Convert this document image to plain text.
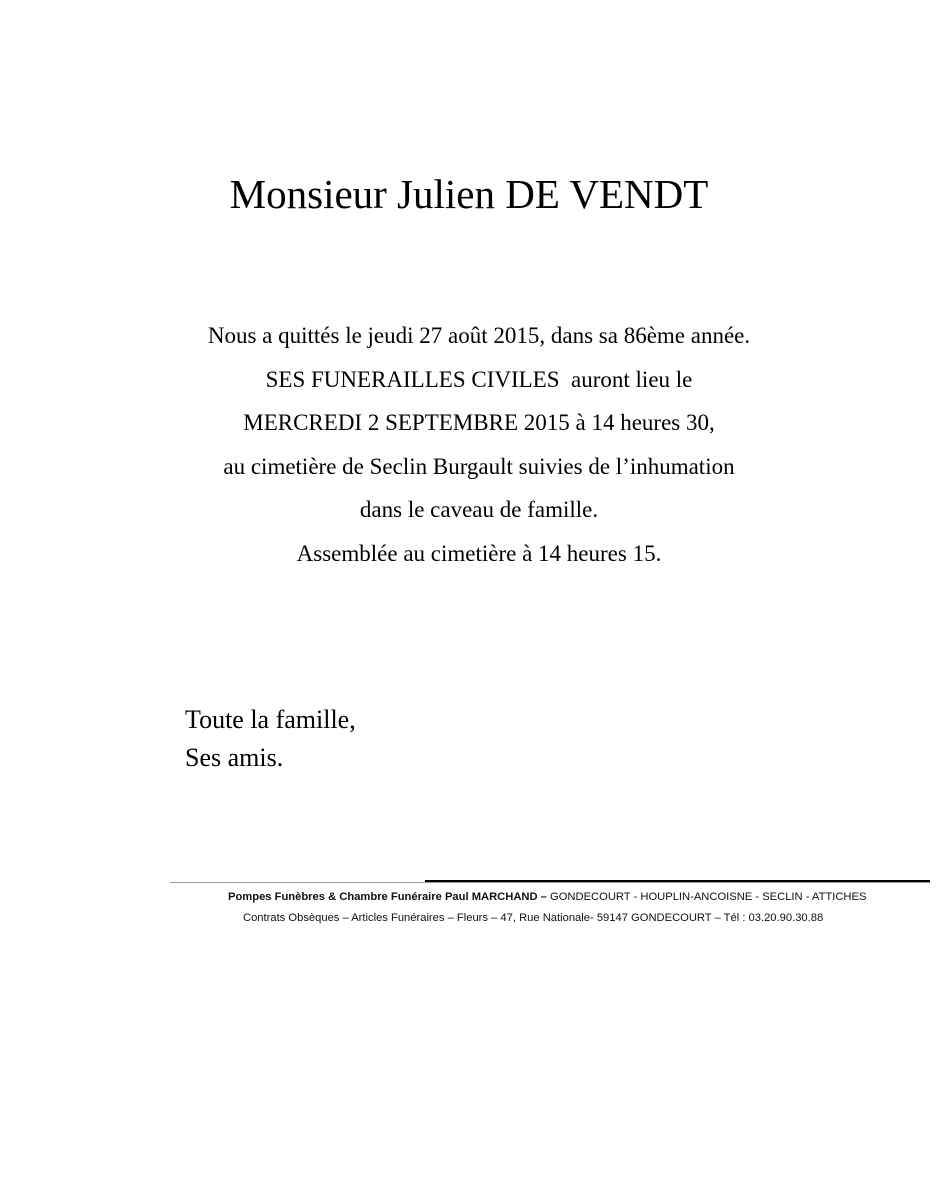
Monsieur Julien DE VENDT
Nous a quittés le jeudi 27 août 2015, dans sa 86ème année.
SES FUNERAILLES CIVILES  auront lieu le
MERCREDI 2 SEPTEMBRE 2015 à 14 heures 30,
au cimetière de Seclin Burgault suivies de l’inhumation
dans le caveau de famille.
Assemblée au cimetière à 14 heures 15.
Toute la famille,
Ses amis.
Pompes Funèbres & Chambre Funéraire Paul MARCHAND – GONDECOURT - HOUPLIN-ANCOISNE - SECLIN - ATTICHES
Contrats Obsèques – Articles Funéraires – Fleurs – 47, Rue Nationale- 59147 GONDECOURT – Tél : 03.20.90.30.88
